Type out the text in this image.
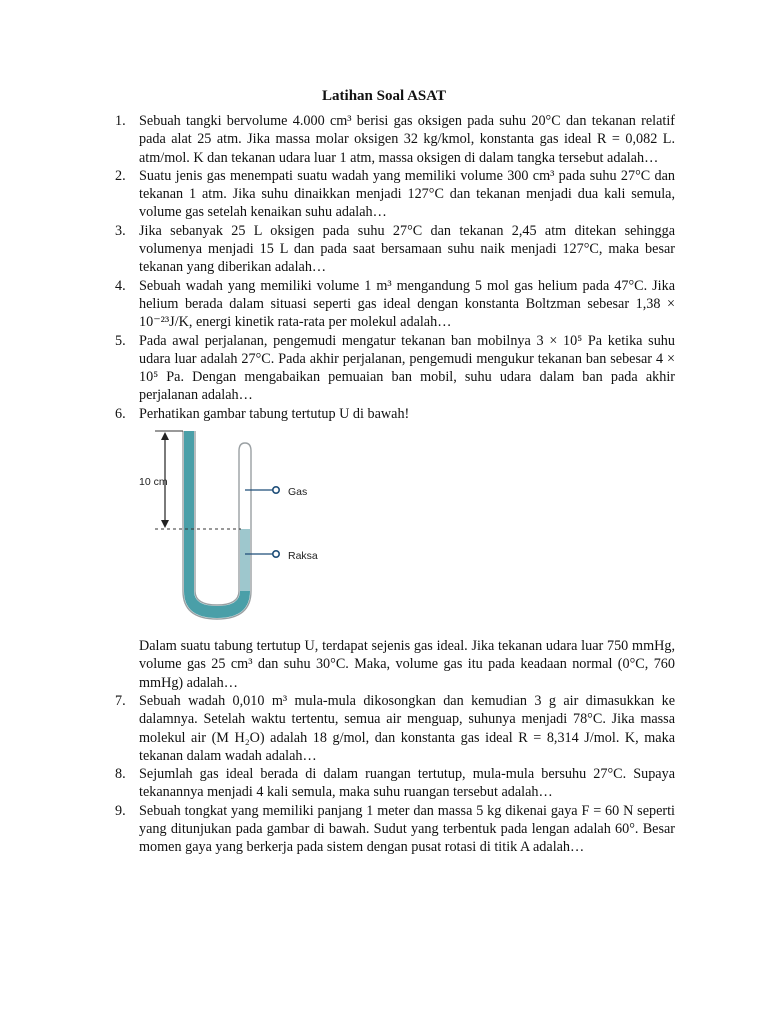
Latihan Soal ASAT
1. Sebuah tangki bervolume 4.000 cm³ berisi gas oksigen pada suhu 20°C dan tekanan relatif pada alat 25 atm. Jika massa molar oksigen 32 kg/kmol, konstanta gas ideal R = 0,082 L. atm/mol. K dan tekanan udara luar 1 atm, massa oksigen di dalam tangka tersebut adalah…
2. Suatu jenis gas menempati suatu wadah yang memiliki volume 300 cm³ pada suhu 27°C dan tekanan 1 atm. Jika suhu dinaikkan menjadi 127°C dan tekanan menjadi dua kali semula, volume gas setelah kenaikan suhu adalah…
3. Jika sebanyak 25 L oksigen pada suhu 27°C dan tekanan 2,45 atm ditekan sehingga volumenya menjadi 15 L dan pada saat bersamaan suhu naik menjadi 127°C, maka besar tekanan yang diberikan adalah…
4. Sebuah wadah yang memiliki volume 1 m³ mengandung 5 mol gas helium pada 47°C. Jika helium berada dalam situasi seperti gas ideal dengan konstanta Boltzman sebesar 1,38 × 10⁻²³J/K, energi kinetik rata-rata per molekul adalah…
5. Pada awal perjalanan, pengemudi mengatur tekanan ban mobilnya 3 × 10⁵ Pa ketika suhu udara luar adalah 27°C. Pada akhir perjalanan, pengemudi mengukur tekanan ban sebesar 4 × 10⁵ Pa. Dengan mengabaikan pemuaian ban mobil, suhu udara dalam ban pada akhir perjalanan adalah…
6. Perhatikan gambar tabung tertutup U di bawah!
10 cm
Gas
Raksa
Dalam suatu tabung tertutup U, terdapat sejenis gas ideal. Jika tekanan udara luar 750 mmHg, volume gas 25 cm³ dan suhu 30°C. Maka, volume gas itu pada keadaan normal (0°C, 760 mmHg) adalah…
7. Sebuah wadah 0,010 m³ mula-mula dikosongkan dan kemudian 3 g air dimasukkan ke dalamnya. Setelah waktu tertentu, semua air menguap, suhunya menjadi 78°C. Jika massa molekul air (M H₂O) adalah 18 g/mol, dan konstanta gas ideal R = 8,314 J/mol. K, maka tekanan dalam wadah adalah…
8. Sejumlah gas ideal berada di dalam ruangan tertutup, mula-mula bersuhu 27°C. Supaya tekanannya menjadi 4 kali semula, maka suhu ruangan tersebut adalah…
9. Sebuah tongkat yang memiliki panjang 1 meter dan massa 5 kg dikenai gaya F = 60 N seperti yang ditunjukan pada gambar di bawah. Sudut yang terbentuk pada lengan adalah 60°. Besar momen gaya yang berkerja pada sistem dengan pusat rotasi di titik A adalah…
